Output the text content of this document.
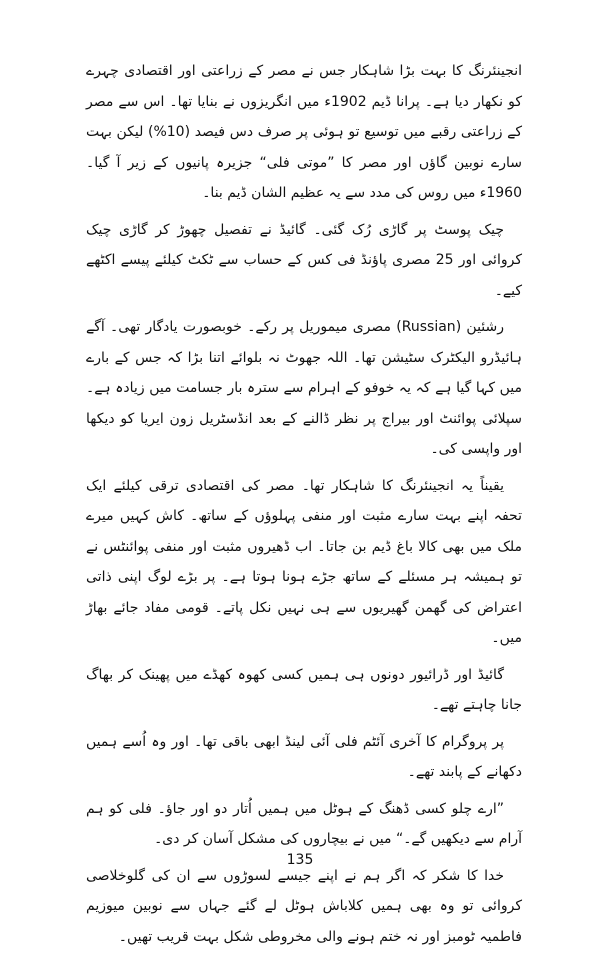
انجینئرنگ کا بہت بڑا شاہکار جس نے مصر کے زراعتی اور اقتصادی چہرے کو نکھار دیا ہے۔ پرانا ڈیم 1902ء میں انگریزوں نے بنایا تھا۔ اس سے مصر کے زراعتی رقبے میں توسیع تو ہوئی پر صرف دس فیصد (10%) لیکن بہت سارے نوبین گاؤں اور مصر کا ”موتی فلی“ جزیرہ پانیوں کے زیر آ گیا۔ 1960ء میں روس کی مدد سے یہ عظیم الشان ڈیم بنا۔

چیک پوسٹ پر گاڑی رُک گئی۔ گائیڈ نے تفصیل چھوڑ کر گاڑی چیک کروائی اور 25 مصری پاؤنڈ فی کس کے حساب سے ٹکٹ کیلئے پیسے اکٹھے کیے۔

رشئین (Russian) مصری میموریل پر رکے۔ خوبصورت یادگار تھی۔ آگے ہائیڈرو الیکٹرک سٹیشن تھا۔ اللہ جھوٹ نہ بلوائے اتنا بڑا کہ جس کے بارے میں کہا گیا ہے کہ یہ خوفو کے اہرام سے سترہ بار جسامت میں زیادہ ہے۔ سپلائی پوائنٹ اور بیراج پر نظر ڈالنے کے بعد انڈسٹریل زون ایریا کو دیکھا اور واپسی کی۔

یقیناً یہ انجینئرنگ کا شاہکار تھا۔ مصر کی اقتصادی ترقی کیلئے ایک تحفہ اپنے بہت سارے مثبت اور منفی پہلوؤں کے ساتھ۔ کاش کہیں میرے ملک میں بھی کالا باغ ڈیم بن جاتا۔ اب ڈھیروں مثبت اور منفی پوائنٹس نے تو ہمیشہ ہر مسئلے کے ساتھ جڑے ہونا ہوتا ہے۔ پر بڑے لوگ اپنی ذاتی اعتراض کی گھمن گھیریوں سے ہی نہیں نکل پاتے۔ قومی مفاد جائے بھاڑ میں۔

گائیڈ اور ڈرائیور دونوں ہی ہمیں کسی کھوہ کھڈے میں پھینک کر بھاگ جانا چاہتے تھے۔

پر پروگرام کا آخری آئٹم فلی آئی لینڈ ابھی باقی تھا۔ اور وہ اُسے ہمیں دکھانے کے پابند تھے۔

”ارے چلو کسی ڈھنگ کے ہوٹل میں ہمیں اُتار دو اور جاؤ۔ فلی کو ہم آرام سے دیکھیں گے۔“ میں نے بیچاروں کی مشکل آسان کر دی۔

خدا کا شکر کہ اگر ہم نے اپنے جیسے لسوڑوں سے ان کی گلوخلاصی کروائی تو وہ بھی ہمیں کلاباش ہوٹل لے گئے جہاں سے نوبین میوزیم فاطمیہ ٹومبز اور نہ ختم ہونے والی مخروطی شکل بہت قریب تھیں۔

135
